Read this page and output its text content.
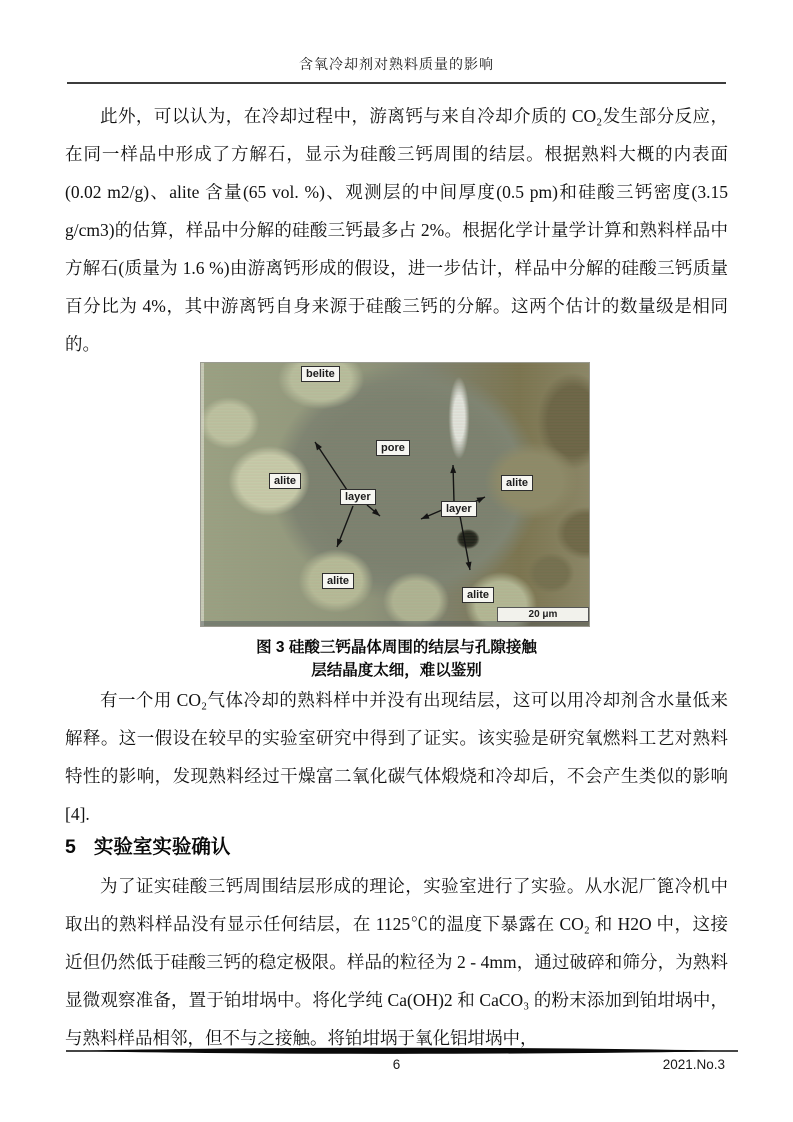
含氧冷却剂对熟料质量的影响

此外，可以认为，在冷却过程中，游离钙与来自冷却介质的 CO₂发生部分反应，在同一样品中形成了方解石，显示为硅酸三钙周围的结层。根据熟料大概的内表面(0.02 m2/g)、alite 含量(65 vol. %)、观测层的中间厚度(0.5 pm)和硅酸三钙密度(3.15 g/cm3)的估算，样品中分解的硅酸三钙最多占 2%。根据化学计量学计算和熟料样品中方解石(质量为 1.6 %)由游离钙形成的假设，进一步估计，样品中分解的硅酸三钙质量百分比为 4%，其中游离钙自身来源于硅酸三钙的分解。这两个估计的数量级是相同的。

belite
pore
alite	alite
layer
layer
alite
alite
20 μm
图 3 硅酸三钙晶体周围的结层与孔隙接触
层结晶度太细，难以鉴别

有一个用 CO₂气体冷却的熟料样中并没有出现结层，这可以用冷却剂含水量低来解释。这一假设在较早的实验室研究中得到了证实。该实验是研究氧燃料工艺对熟料特性的影响，发现熟料经过干燥富二氧化碳气体煅烧和冷却后，不会产生类似的影响 [4].

5 实验室实验确认

为了证实硅酸三钙周围结层形成的理论，实验室进行了实验。从水泥厂篦冷机中取出的熟料样品没有显示任何结层，在 1125℃的温度下暴露在 CO₂ 和 H2O 中，这接近但仍然低于硅酸三钙的稳定极限。样品的粒径为 2 - 4mm，通过破碎和筛分，为熟料显微观察准备，置于铂坩埚中。将化学纯 Ca(OH)2 和 CaCO₃ 的粉末添加到铂坩埚中，与熟料样品相邻，但不与之接触。将铂坩埚于氧化铝坩埚中，

6	2021.No.3
